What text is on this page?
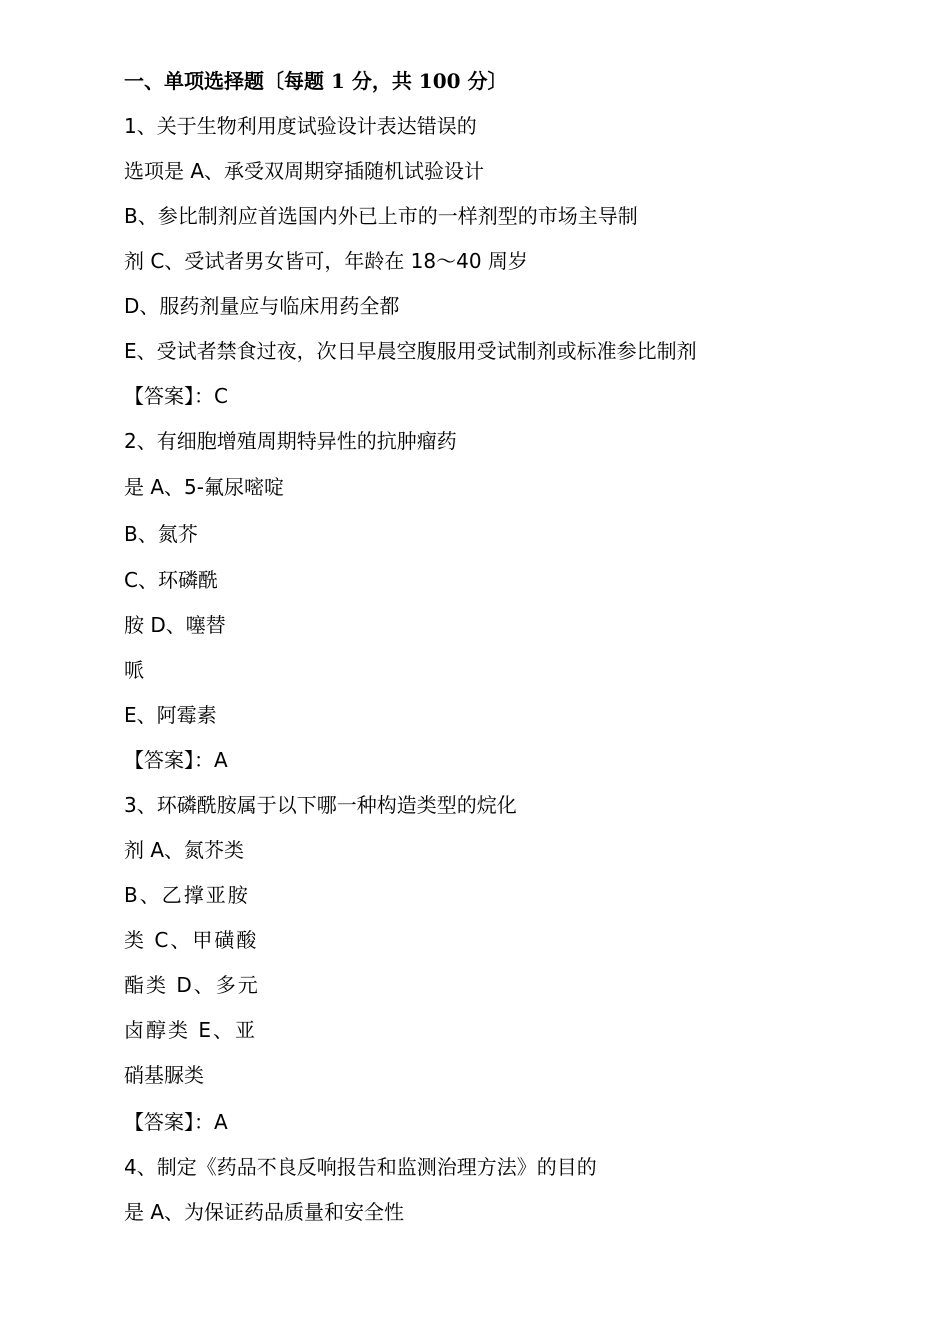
一、单项选择题〔每题 1 分，共 100 分〕
1、关于生物利用度试验设计表达错误的
选项是 A、承受双周期穿插随机试验设计
B、参比制剂应首选国内外已上市的一样剂型的市场主导制
剂 C、受试者男女皆可，年龄在 18～40 周岁
D、服药剂量应与临床用药全都
E、受试者禁食过夜，次日早晨空腹服用受试制剂或标准参比制剂
【答案】：C
2、有细胞增殖周期特异性的抗肿瘤药
是 A、5-氟尿嘧啶
B、氮芥
C、环磷酰
胺 D、噻替
哌
E、阿霉素
【答案】：A
3、环磷酰胺属于以下哪一种构造类型的烷化
剂 A、氮芥类
B、乙撑亚胺
类 C、甲磺酸
酯类 D、多元
卤醇类 E、亚
硝基脲类
【答案】：A
4、制定《药品不良反响报告和监测治理方法》的目的
是 A、为保证药品质量和安全性
